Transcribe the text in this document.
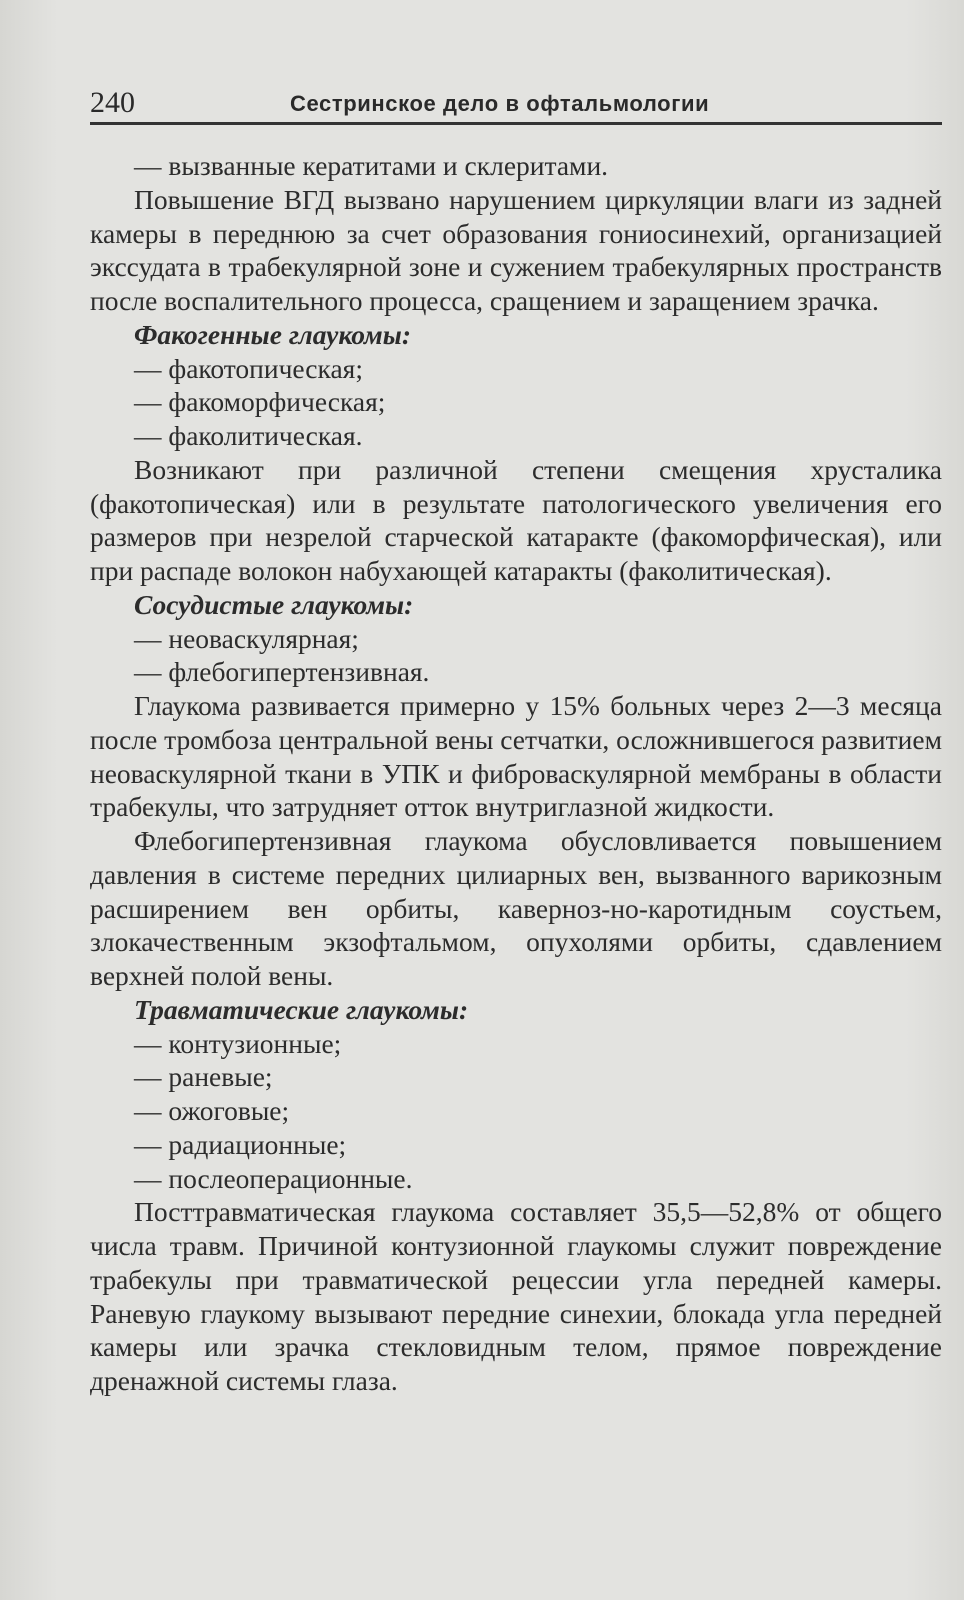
240	Сестринское дело в офтальмологии

— вызванные кератитами и склеритами.

Повышение ВГД вызвано нарушением циркуляции влаги из задней камеры в переднюю за счет образования гониосинехий, организацией экссудата в трабекулярной зоне и сужением трабекулярных пространств после воспалительного процесса, сращением и заращением зрачка.

Факогенные глаукомы:

— факотопическая;

— факоморфическая;

— факолитическая.

Возникают при различной степени смещения хрусталика (факотопическая) или в результате патологического увеличения его размеров при незрелой старческой катаракте (факоморфическая), или при распаде волокон набухающей катаракты (факолитическая).

Сосудистые глаукомы:

— неоваскулярная;

— флебогипертензивная.

Глаукома развивается примерно у 15% больных через 2—3 месяца после тромбоза центральной вены сетчатки, осложнившегося развитием неоваскулярной ткани в УПК и фиброваскулярной мембраны в области трабекулы, что затрудняет отток внутриглазной жидкости.

Флебогипертензивная глаукома обусловливается повышением давления в системе передних цилиарных вен, вызванного варикозным расширением вен орбиты, каверноз-но-каротидным соустьем, злокачественным экзофтальмом, опухолями орбиты, сдавлением верхней полой вены.

Травматические глаукомы:

— контузионные;

— раневые;

— ожоговые;

— радиационные;

— послеоперационные.

Посттравматическая глаукома составляет 35,5—52,8% от общего числа травм. Причиной контузионной глаукомы служит повреждение трабекулы при травматической рецессии угла передней камеры. Раневую глаукому вызывают передние синехии, блокада угла передней камеры или зрачка стекловидным телом, прямое повреждение дренажной системы глаза.
